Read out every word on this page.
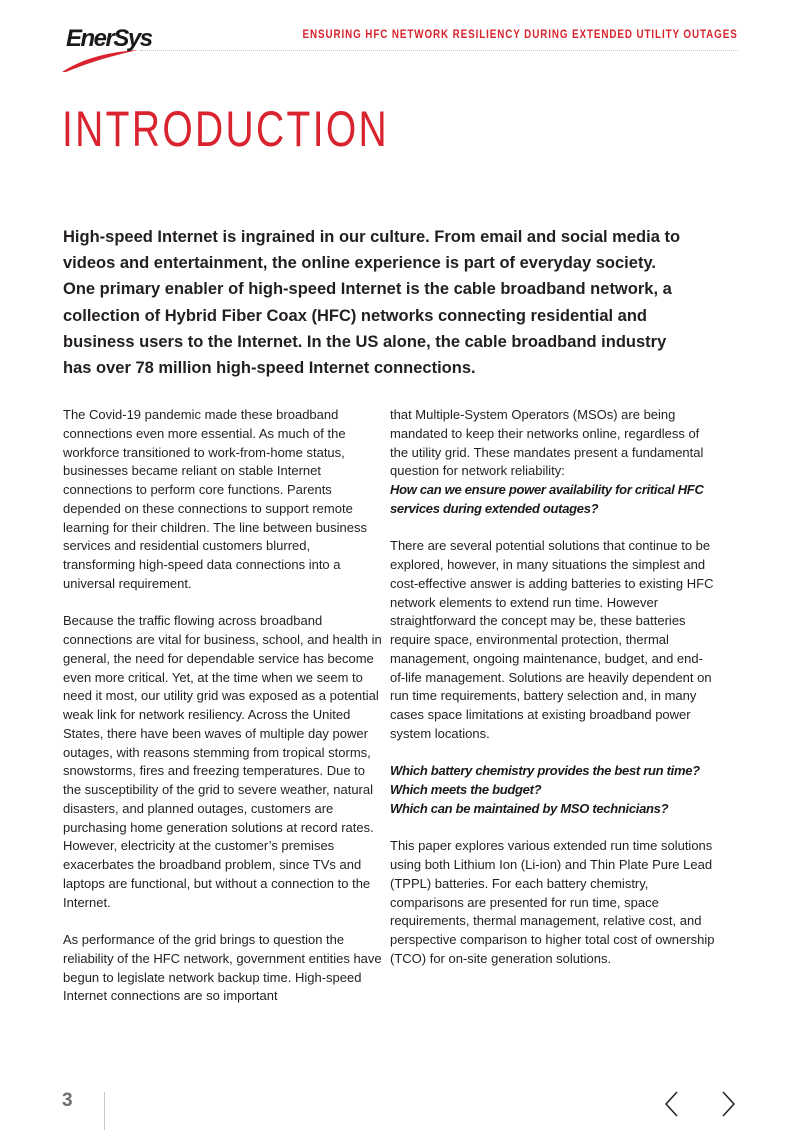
EnerSys	ENSURING HFC NETWORK RESILIENCY DURING EXTENDED UTILITY OUTAGES
INTRODUCTION

High-speed Internet is ingrained in our culture. From email and social media to videos and entertainment, the online experience is part of everyday society. One primary enabler of high-speed Internet is the cable broadband network, a collection of Hybrid Fiber Coax (HFC) networks connecting residential and business users to the Internet. In the US alone, the cable broadband industry has over 78 million high-speed Internet connections.

The Covid-19 pandemic made these broadband connections even more essential. As much of the workforce transitioned to work-from-home status, businesses became reliant on stable Internet connections to perform core functions. Parents depended on these connections to support remote learning for their children. The line between business services and residential customers blurred, transforming high-speed data connections into a universal requirement.

Because the traffic flowing across broadband connections are vital for business, school, and health in general, the need for dependable service has become even more critical. Yet, at the time when we seem to need it most, our utility grid was exposed as a potential weak link for network resiliency. Across the United States, there have been waves of multiple day power outages, with reasons stemming from tropical storms, snowstorms, fires and freezing temperatures. Due to the susceptibility of the grid to severe weather, natural disasters, and planned outages, customers are purchasing home generation solutions at record rates. However, electricity at the customer’s premises exacerbates the broadband problem, since TVs and laptops are functional, but without a connection to the Internet.

As performance of the grid brings to question the reliability of the HFC network, government entities have begun to legislate network backup time. High-speed Internet connections are so important

that Multiple-System Operators (MSOs) are being mandated to keep their networks online, regardless of the utility grid. These mandates present a fundamental question for network reliability:
How can we ensure power availability for critical HFC services during extended outages?

There are several potential solutions that continue to be explored, however, in many situations the simplest and cost-effective answer is adding batteries to existing HFC network elements to extend run time. However straightforward the concept may be, these batteries require space, environmental protection, thermal management, ongoing maintenance, budget, and end-of-life management. Solutions are heavily dependent on run time requirements, battery selection and, in many cases space limitations at existing broadband power system locations.

Which battery chemistry provides the best run time?
Which meets the budget?
Which can be maintained by MSO technicians?

This paper explores various extended run time solutions using both Lithium Ion (Li-ion) and Thin Plate Pure Lead (TPPL) batteries. For each battery chemistry, comparisons are presented for run time, space requirements, thermal management, relative cost, and perspective comparison to higher total cost of ownership (TCO) for on-site generation solutions.

3
